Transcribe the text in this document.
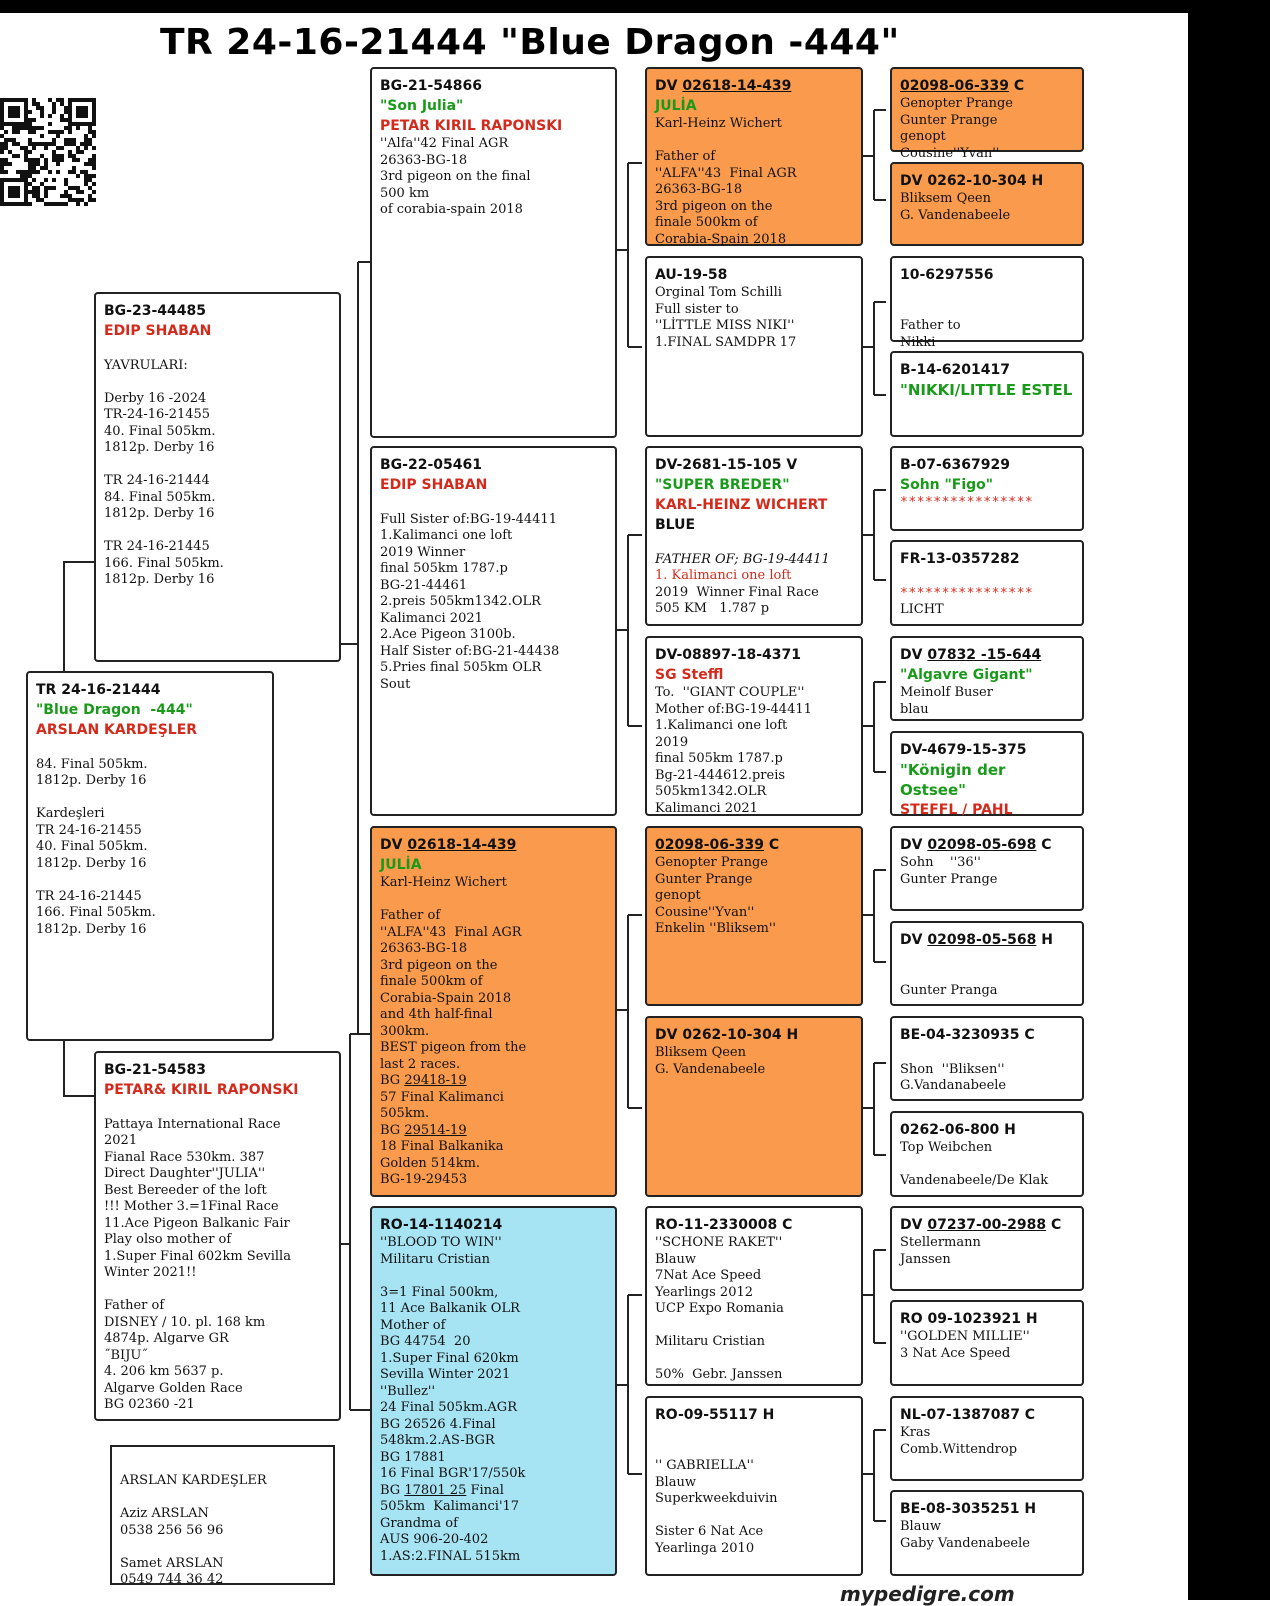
TR 24-16-21444 "Blue Dragon -444"
TR 24-16-21444
"Blue Dragon  -444"
ARSLAN KARDEŞLER
84. Final 505km.
1812p. Derby 16
Kardeşleri
TR 24-16-21455
40. Final 505km.
1812p. Derby 16
TR 24-16-21445
166. Final 505km.
1812p. Derby 16
BG-23-44485
EDIP SHABAN
YAVRULARI:
Derby 16 -2024
TR-24-16-21455
40. Final 505km.
1812p. Derby 16
TR 24-16-21444
84. Final 505km.
1812p. Derby 16
TR 24-16-21445
166. Final 505km.
1812p. Derby 16
BG-21-54583
PETAR& KIRIL RAPONSKI
Pattaya International Race
2021
Fianal Race 530km. 387
Direct Daughter''JULIA''
Best Bereeder of the loft
!!! Mother 3.=1Final Race
11.Ace Pigeon Balkanic Fair
Play olso mother of
1.Super Final 602km Sevilla
Winter 2021!!
Father of
DISNEY / 10. pl. 168 km
4874p. Algarve GR
˝BIJU˝
4. 206 km 5637 p.
Algarve Golden Race
BG 02360 -21
ARSLAN KARDEŞLER
Aziz ARSLAN
0538 256 56 96
Samet ARSLAN
0549 744 36 42
BG-21-54866
"Son Julia"
PETAR KIRIL RAPONSKI
''Alfa''42 Final AGR
26363-BG-18
3rd pigeon on the final
500 km
of corabia-spain 2018
BG-22-05461
EDIP SHABAN
Full Sister of:BG-19-44411
1.Kalimanci one loft
2019 Winner
final 505km 1787.p
BG-21-44461
2.preis 505km1342.OLR
Kalimanci 2021
2.Ace Pigeon 3100b.
Half Sister of:BG-21-44438
5.Pries final 505km OLR
Sout
DV 02618-14-439
JULİA
Karl-Heinz Wichert
Father of
''ALFA''43  Final AGR
26363-BG-18
3rd pigeon on the
finale 500km of
Corabia-Spain 2018
and 4th half-final
300km.
BEST pigeon from the
last 2 races.
BG 29418-19
57 Final Kalimanci
505km.
BG 29514-19
18 Final Balkanika
Golden 514km.
BG-19-29453
RO-14-1140214
''BLOOD TO WIN''
Militaru Cristian
3=1 Final 500km,
11 Ace Balkanik OLR
Mother of
BG 44754  20
1.Super Final 620km
Sevilla Winter 2021
''Bullez''
24 Final 505km.AGR
BG 26526 4.Final
548km.2.AS-BGR
BG 17881
16 Final BGR'17/550k
BG 17801 25 Final
505km  Kalimanci'17
Grandma of
AUS 906-20-402
1.AS:2.FINAL 515km
DV 02618-14-439
JULİA
Karl-Heinz Wichert
Father of
''ALFA''43  Final AGR
26363-BG-18
3rd pigeon on the
finale 500km of
Corabia-Spain 2018
AU-19-58
Orginal Tom Schilli
Full sister to
''LİTTLE MISS NIKI''
1.FINAL SAMDPR 17
DV-2681-15-105 V
"SUPER BREDER"
KARL-HEINZ WICHERT
BLUE
FATHER OF; BG-19-44411
1. Kalimanci one loft
2019  Winner Final Race
505 KM   1.787 p
DV-08897-18-4371
SG Steffl
To.  ''GIANT COUPLE''
Mother of:BG-19-44411
1.Kalimanci one loft
2019
final 505km 1787.p
Bg-21-444612.preis
505km1342.OLR
Kalimanci 2021
02098-06-339 C
Genopter Prange
Gunter Prange
genopt
Cousine''Yvan''
Enkelin ''Bliksem''
DV 0262-10-304 H
Bliksem Qeen
G. Vandenabeele
RO-11-2330008 C
''SCHONE RAKET''
Blauw
7Nat Ace Speed
Yearlings 2012
UCP Expo Romania
Militaru Cristian
50%  Gebr. Janssen
RO-09-55117 H
'' GABRIELLA''
Blauw
Superkweekduivin
Sister 6 Nat Ace
Yearlinga 2010
02098-06-339 C
Genopter Prange
Gunter Prange
genopt
Cousine''Yvan''
DV 0262-10-304 H
Bliksem Qeen
G. Vandenabeele
10-6297556
Father to
Nikki
B-14-6201417
"NIKKI/LITTLE ESTEL
B-07-6367929
Sohn "Figo"
****************
FR-13-0357282
****************
LICHT
DV 07832 -15-644
"Algavre Gigant"
Meinolf Buser
blau
DV-4679-15-375
"Königin der Ostsee"
STEFFL / PAHL
DV 02098-05-698 C
Sohn    ''36''
Gunter Prange
DV 02098-05-568 H
Gunter Pranga
BE-04-3230935 C
Shon  ''Bliksen''
G.Vandanabeele
0262-06-800 H
Top Weibchen
Vandenabeele/De Klak
DV 07237-00-2988 C
Stellermann
Janssen
RO 09-1023921 H
''GOLDEN MILLIE''
3 Nat Ace Speed
NL-07-1387087 C
Kras
Comb.Wittendrop
BE-08-3035251 H
Blauw
Gaby Vandenabeele
mypedigre.com
